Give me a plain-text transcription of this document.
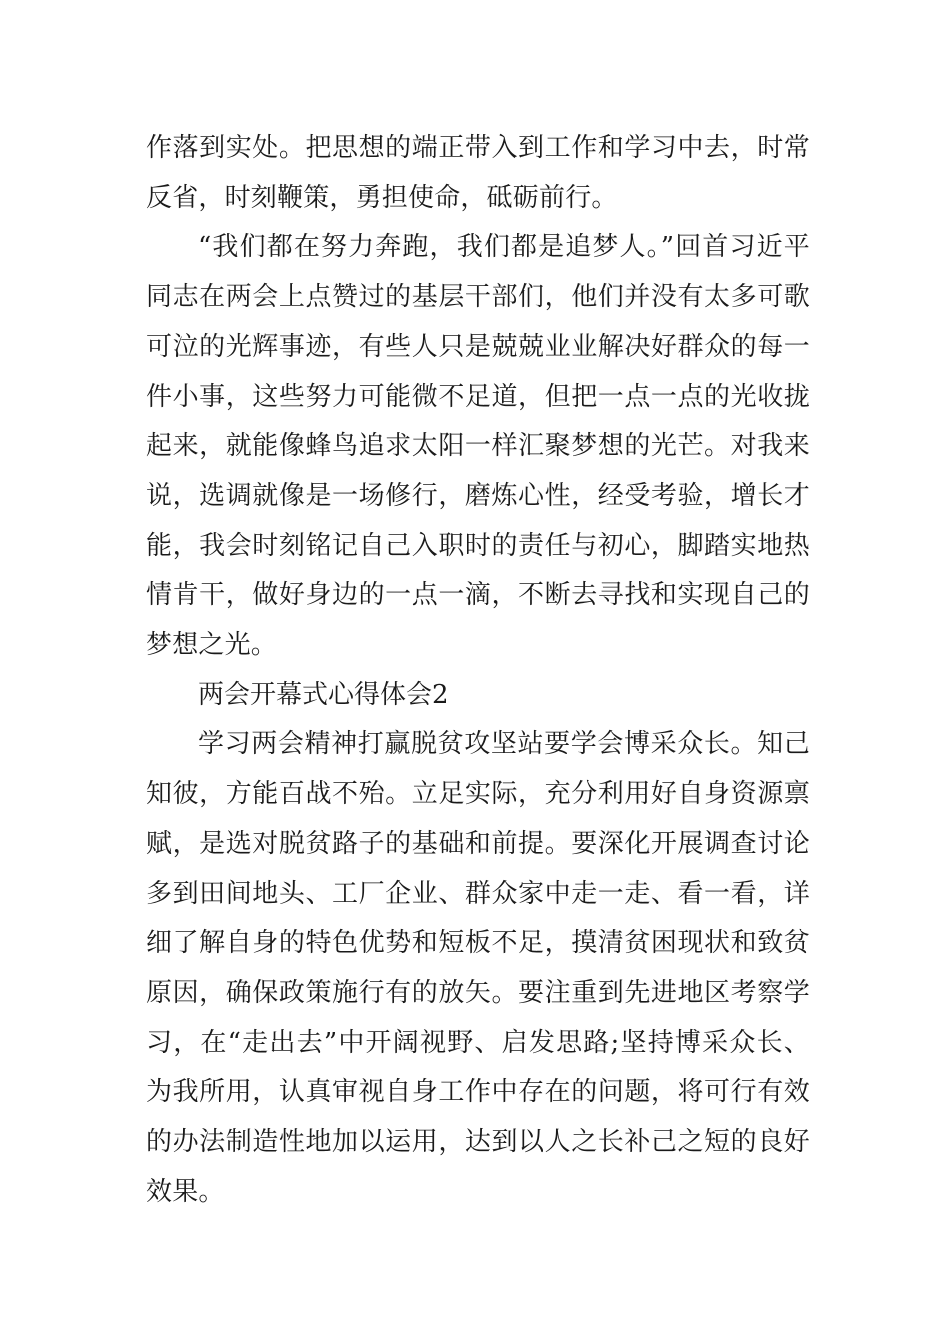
作落到实处。把思想的端正带入到工作和学习中去，时常反省，时刻鞭策，勇担使命，砥砺前行。

“我们都在努力奔跑，我们都是追梦人。”回首习近平同志在两会上点赞过的基层干部们，他们并没有太多可歌可泣的光辉事迹，有些人只是兢兢业业解决好群众的每一件小事，这些努力可能微不足道，但把一点一点的光收拢起来，就能像蜂鸟追求太阳一样汇聚梦想的光芒。对我来说，选调就像是一场修行，磨炼心性，经受考验，增长才能，我会时刻铭记自己入职时的责任与初心，脚踏实地热情肯干，做好身边的一点一滴，不断去寻找和实现自己的梦想之光。

两会开幕式心得体会2

学习两会精神打赢脱贫攻坚站要学会博采众长。知己知彼，方能百战不殆。立足实际，充分利用好自身资源禀赋，是选对脱贫路子的基础和前提。要深化开展调查讨论多到田间地头、工厂企业、群众家中走一走、看一看，详细了解自身的特色优势和短板不足，摸清贫困现状和致贫原因，确保政策施行有的放矢。要注重到先进地区考察学习，在“走出去”中开阔视野、启发思路;坚持博采众长、为我所用，认真审视自身工作中存在的问题，将可行有效的办法制造性地加以运用，达到以人之长补己之短的良好效果。
